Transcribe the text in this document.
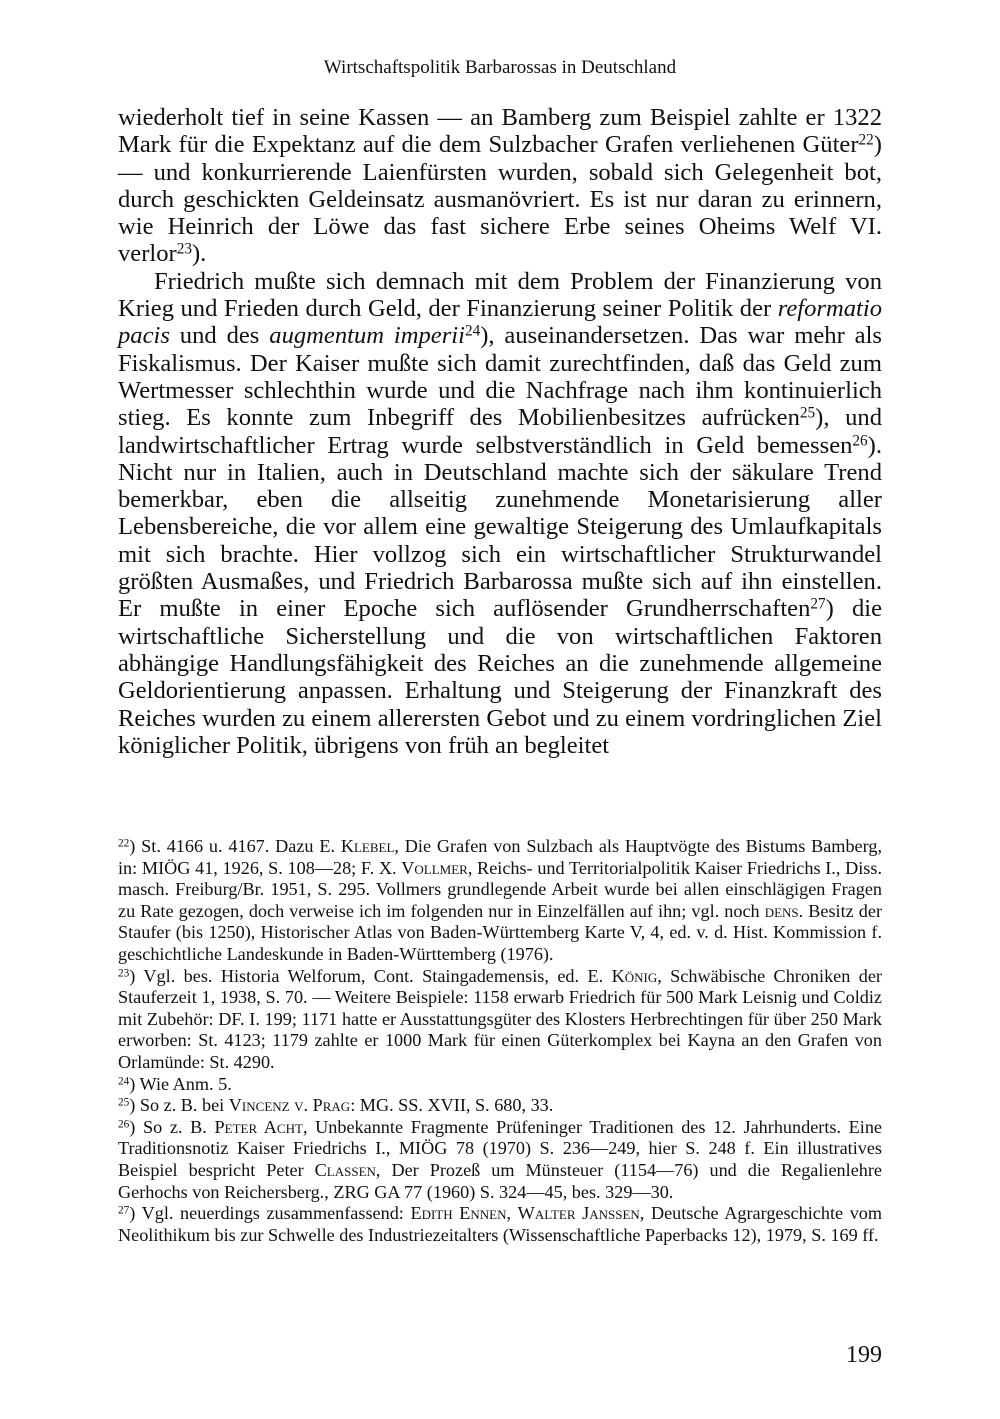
Wirtschaftspolitik Barbarossas in Deutschland

wiederholt tief in seine Kassen — an Bamberg zum Beispiel zahlte er 1322 Mark für die Expektanz auf die dem Sulzbacher Grafen verliehenen Güter$^{22}$) — und konkurrierende Laienfürsten wurden, sobald sich Gelegenheit bot, durch geschickten Geldeinsatz ausmanövriert. Es ist nur daran zu erinnern, wie Heinrich der Löwe das fast sichere Erbe seines Oheims Welf VI. verlor$^{23}$).

Friedrich mußte sich demnach mit dem Problem der Finanzierung von Krieg und Frieden durch Geld, der Finanzierung seiner Politik der reformatio pacis und des augmentum imperii$^{24}$), auseinandersetzen. Das war mehr als Fiskalismus. Der Kaiser mußte sich damit zurechtfinden, daß das Geld zum Wertmesser schlechthin wurde und die Nachfrage nach ihm kontinuierlich stieg. Es konnte zum Inbegriff des Mobilienbesitzes aufrücken$^{25}$), und landwirtschaftlicher Ertrag wurde selbstverständlich in Geld bemessen$^{26}$). Nicht nur in Italien, auch in Deutschland machte sich der säkulare Trend bemerkbar, eben die allseitig zunehmende Monetarisierung aller Lebensbereiche, die vor allem eine gewaltige Steigerung des Umlaufkapitals mit sich brachte. Hier vollzog sich ein wirtschaftlicher Strukturwandel größten Ausmaßes, und Friedrich Barbarossa mußte sich auf ihn einstellen. Er mußte in einer Epoche sich auflösender Grundherrschaften$^{27}$) die wirtschaftliche Sicherstellung und die von wirtschaftlichen Faktoren abhängige Handlungsfähigkeit des Reiches an die zunehmende allgemeine Geldorientierung anpassen. Erhaltung und Steigerung der Finanzkraft des Reiches wurden zu einem allerersten Gebot und zu einem vordringlichen Ziel königlicher Politik, übrigens von früh an begleitet

$^{22}$) St. 4166 u. 4167. Dazu E. Klebel, Die Grafen von Sulzbach als Hauptvögte des Bistums Bamberg, in: MIÖG 41, 1926, S. 108—28; F. X. Vollmer, Reichs- und Territorialpolitik Kaiser Friedrichs I., Diss. masch. Freiburg/Br. 1951, S. 295. Vollmers grundlegende Arbeit wurde bei allen einschlägigen Fragen zu Rate gezogen, doch verweise ich im folgenden nur in Einzelfällen auf ihn; vgl. noch dens. Besitz der Staufer (bis 1250), Historischer Atlas von Baden-Württemberg Karte V, 4, ed. v. d. Hist. Kommission f. geschichtliche Landeskunde in Baden-Württemberg (1976).

$^{23}$) Vgl. bes. Historia Welforum, Cont. Staingademensis, ed. E. König, Schwäbische Chroniken der Stauferzeit 1, 1938, S. 70. — Weitere Beispiele: 1158 erwarb Friedrich für 500 Mark Leisnig und Coldiz mit Zubehör: DF. I. 199; 1171 hatte er Ausstattungsgüter des Klosters Herbrechtingen für über 250 Mark erworben: St. 4123; 1179 zahlte er 1000 Mark für einen Güterkomplex bei Kayna an den Grafen von Orlamünde: St. 4290.

$^{24}$) Wie Anm. 5.

$^{25}$) So z. B. bei Vincenz v. Prag: MG. SS. XVII, S. 680, 33.

$^{26}$) So z. B. Peter Acht, Unbekannte Fragmente Prüfeninger Traditionen des 12. Jahrhunderts. Eine Traditionsnotiz Kaiser Friedrichs I., MIÖG 78 (1970) S. 236—249, hier S. 248 f. Ein illustratives Beispiel bespricht Peter Classen, Der Prozeß um Münsteuer (1154—76) und die Regalienlehre Gerhochs von Reichersberg., ZRG GA 77 (1960) S. 324—45, bes. 329—30.

$^{27}$) Vgl. neuerdings zusammenfassend: Edith Ennen, Walter Janssen, Deutsche Agrargeschichte vom Neolithikum bis zur Schwelle des Industriezeitalters (Wissenschaftliche Paperbacks 12), 1979, S. 169 ff.

199
